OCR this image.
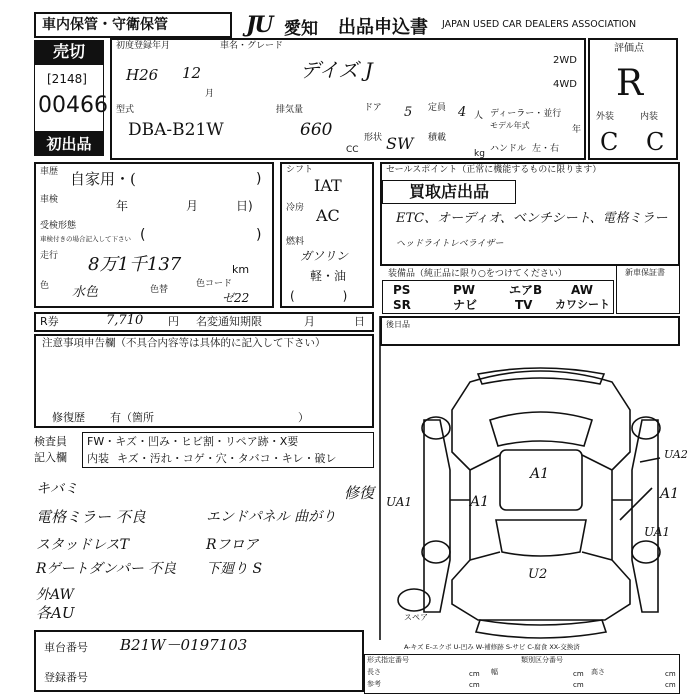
車内保管・守衛保管	JU 愛知 出品申込書 JAPAN USED CAR DEALERS ASSOCIATION
売切
[2148]
00466
初出品
初度登録年月
H26 12
月
車名・グレード
デイズ J	2WD
4WD
評価点
R
外装	内装
C C
型式
DBA-B21W
排気量
660
CC
ドア 5 定員 4 人
形状 SW 積載
kg
ディーラー・並行
モデル年式	年
ハンドル 左・右
車歴 自家用・(	)
車検	年	月	日)
受検形態
車検付きの場合記入して下さい (	)
走行 8万1千137	km
色 水色	色替
色コード
ゼ22
シフト
IAT
冷房 AC
燃料
ガソリン
軽・油
(　　　　)
セールスポイント（正常に機能するものに限ります）
買取店出品
ETC、オーディオ、ベンチシート、電格ミラー
ヘッドライトレベライザー
装備品（純正品に限り○をつけてください）
PS	PW	エアB AW
SR	ナビ	TV カワシート
新車保証書
後日品
R券	7,710 円 名変通知期限	月	日
注意事項申告欄（不具合内容等は具体的に記入して下さい）
修復歴 有（箇所	）
検査員
記入欄
FW・キズ・凹み・ヒビ割・リペア跡・X要
内装 キズ・汚れ・コゲ・穴・タバコ・キレ・破レ
キバミ
電格ミラー 不良	エンドパネル 曲がり
修復
スタッドレスT	Rフロア
Rゲートダンパー 不良 下廻り S
外AW
各AU
車台番号 B21W－0197103
登録番号
スペア
A-キズ E-エクボ U-凹み W-補修跡 S-サビ C-腐食 XX-交換済
形式指定番号	類別区分番号
長さ	cm 幅	cm 高さ	cm
参考	cm	cm	cm
A1
A1	A1
U2
UA2
UA1
UA1
